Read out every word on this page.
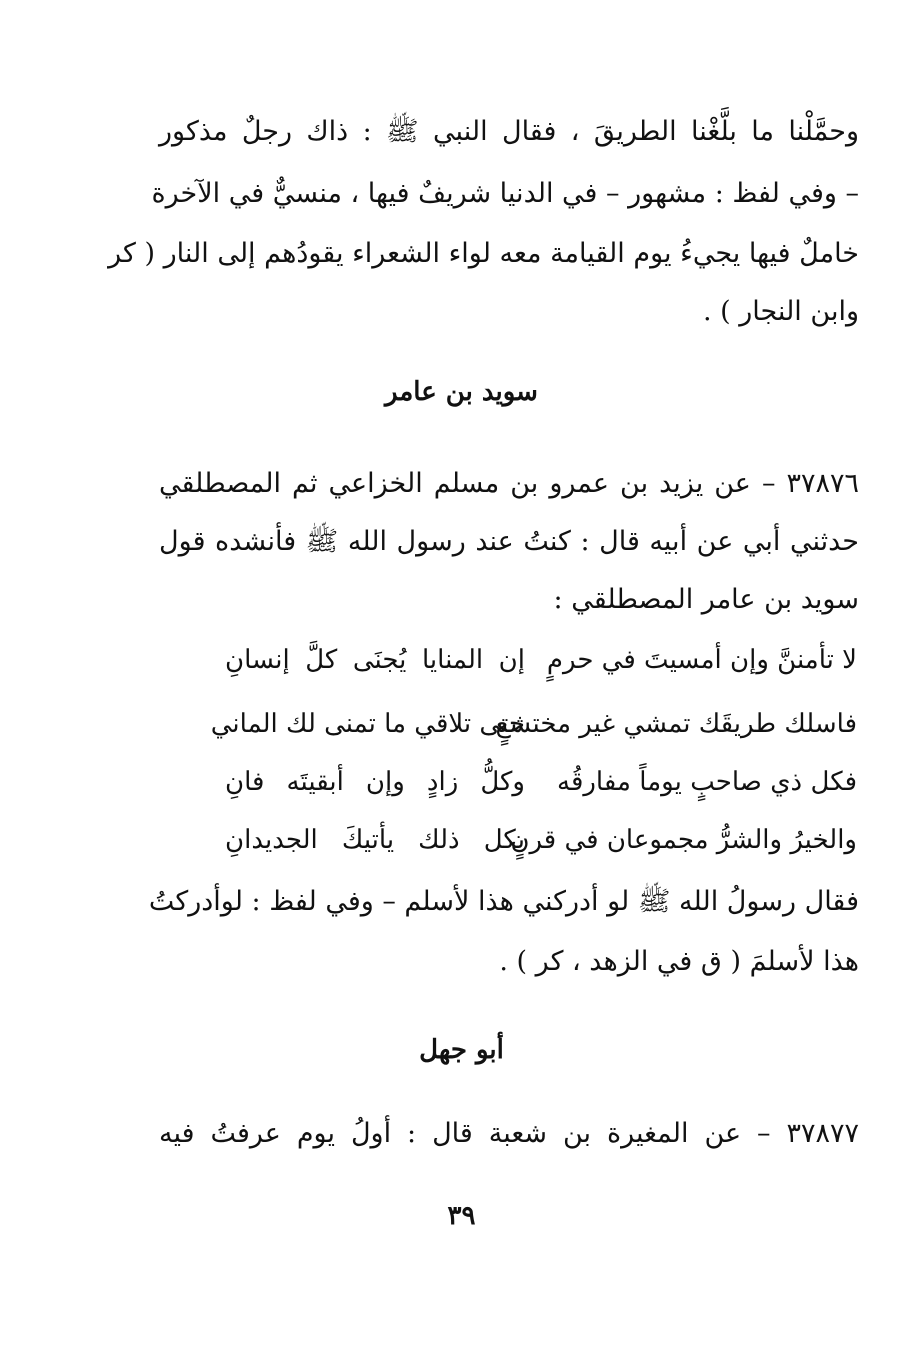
وحمَّلْنا ما بلَّغْنا الطريقَ ، فقال النبي ﷺ : ذاك رجلٌ مذكور
– وفي لفظ : مشهور – في الدنيا شريفٌ فيها ، منسيٌّ في الآخرة
خاملٌ فيها يجيءُ يوم القيامة معه لواء الشعراء يقودُهم إلى النار ( كر
وابن النجار ) .
سويد بن عامر
٣٧٨٧٦ – عن يزيد بن عمرو بن مسلم الخزاعي ثم المصطلقي
حدثني أبي عن أبيه قال : كنتُ عند رسول الله ﷺ فأنشده قول
سويد بن عامر المصطلقي :
لا تأمننَّ وإن أمسيتَ في حرمٍ
إن المنايا يُجنَى كلَّ إنسانِ
فاسلك طريقَك تمشي غير مختشعٍ
حتى تلاقي ما تمنى لك الماني
فكل ذي صاحبٍ يوماً مفارقُه
وكلُّ زادٍ وإن أبقيتَه فانِ
والخيرُ والشرُّ مجموعان في قرنٍ
بكل ذلك يأتيكَ الجديدانِ
فقال رسولُ الله ﷺ لو أدركني هذا لأسلم – وفي لفظ : لوأدركتُ
هذا لأسلمَ ( ق في الزهد ، كر ) .
أبو جهل
٣٧٨٧٧ – عن المغيرة بن شعبة قال : أولُ يوم عرفتُ فيه
٣٩
